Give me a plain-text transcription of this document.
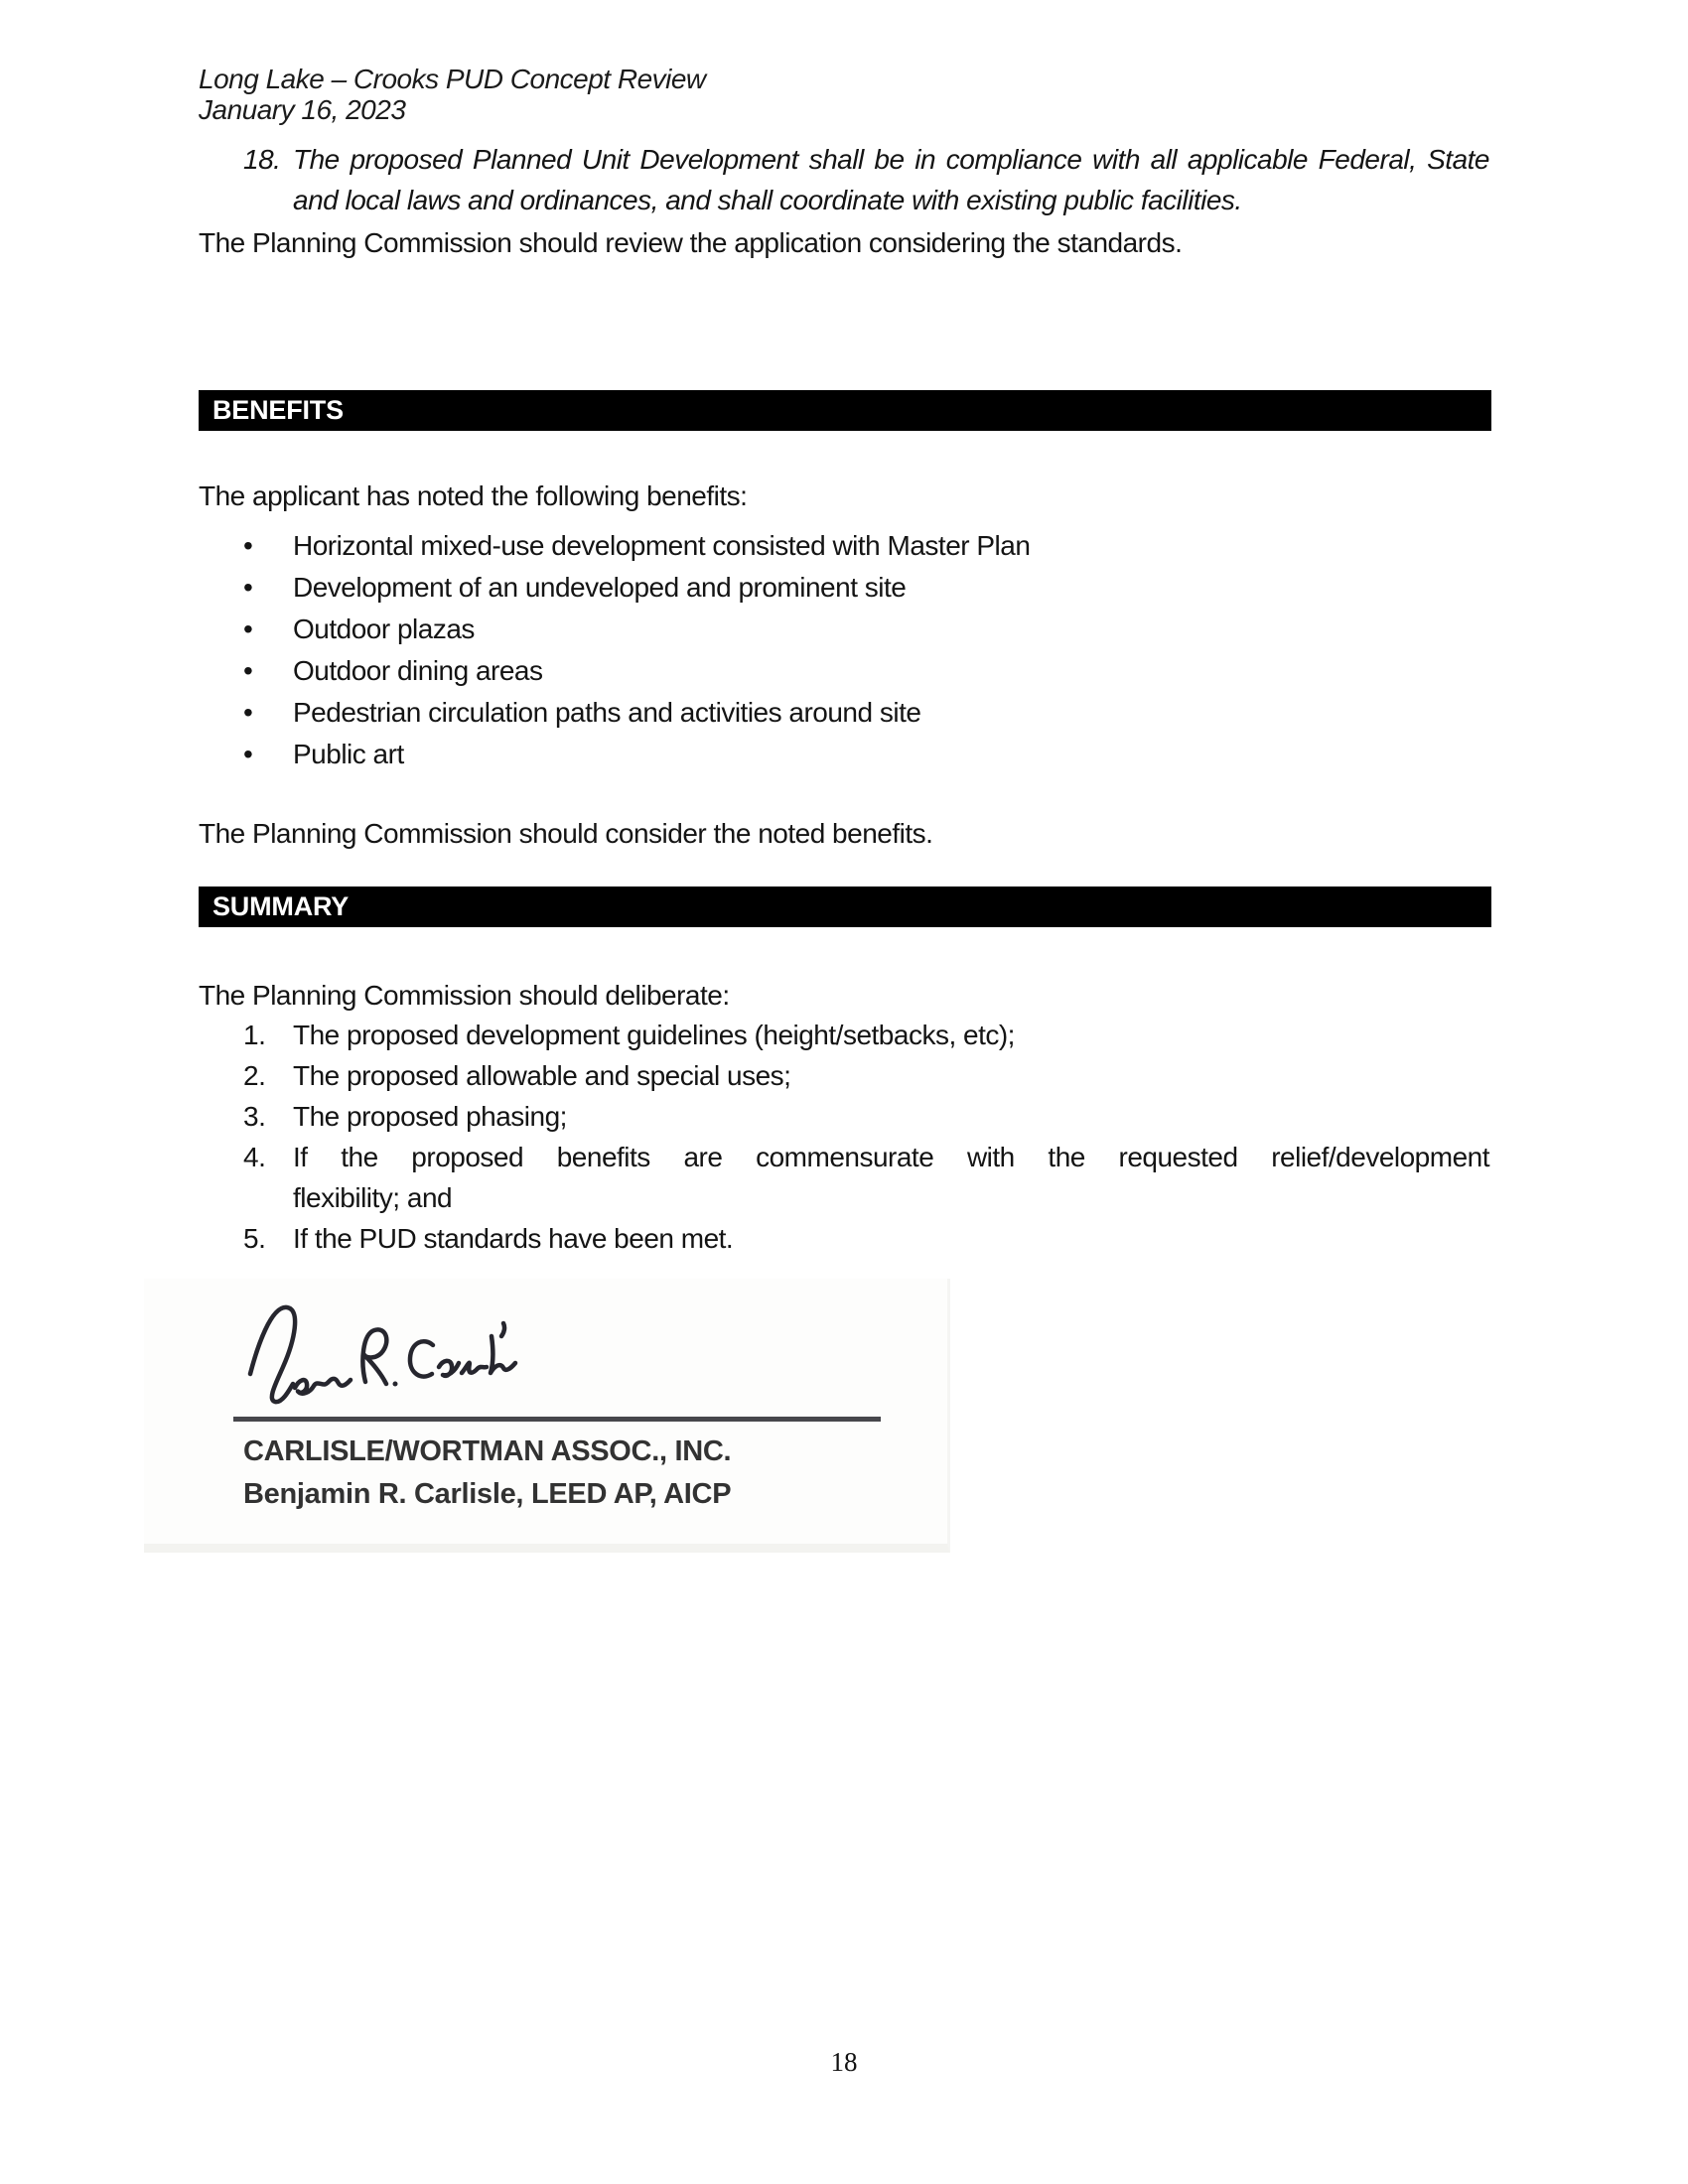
Long Lake – Crooks PUD Concept Review
January 16, 2023
18. The proposed Planned Unit Development shall be in compliance with all applicable Federal, State
and local laws and ordinances, and shall coordinate with existing public facilities.
The Planning Commission should review the application considering the standards.
BENEFITS
The applicant has noted the following benefits:
• Horizontal mixed-use development consisted with Master Plan
• Development of an undeveloped and prominent site
• Outdoor plazas
• Outdoor dining areas
• Pedestrian circulation paths and activities around site
• Public art
The Planning Commission should consider the noted benefits.
SUMMARY
The Planning Commission should deliberate:
1. The proposed development guidelines (height/setbacks, etc);
2. The proposed allowable and special uses;
3. The proposed phasing;
4. If the proposed benefits are commensurate with the requested relief/development
flexibility; and
5. If the PUD standards have been met.
CARLISLE/WORTMAN ASSOC., INC.
Benjamin R. Carlisle, LEED AP, AICP
18
